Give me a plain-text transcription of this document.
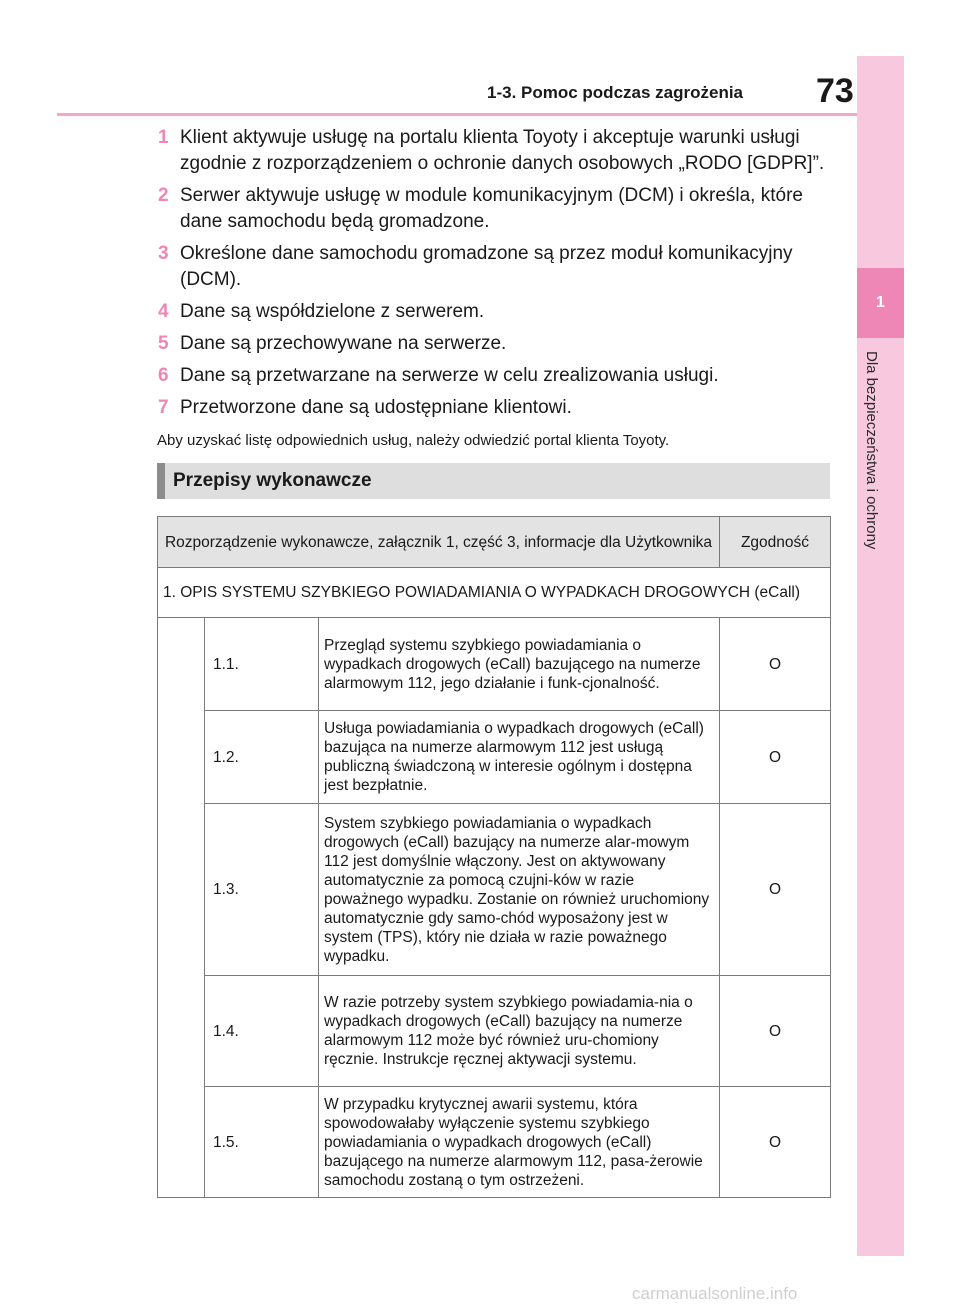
1
Dla bezpieczeństwa i ochrony
1-3. Pomoc podczas zagrożenia 73
1 Klient aktywuje usługę na portalu klienta Toyoty i akceptuje warunki usługi zgodnie z rozporządzeniem o ochronie danych osobowych „RODO [GDPR]”.
2 Serwer aktywuje usługę w module komunikacyjnym (DCM) i określa, które dane samochodu będą gromadzone.
3 Określone dane samochodu gromadzone są przez moduł komunikacyjny (DCM).
4 Dane są współdzielone z serwerem.
5 Dane są przechowywane na serwerze.
6 Dane są przetwarzane na serwerze w celu zrealizowania usługi.
7 Przetworzone dane są udostępniane klientowi.
Aby uzyskać listę odpowiednich usług, należy odwiedzić portal klienta Toyoty.
Przepisy wykonawcze
Rozporządzenie wykonawcze, załącznik 1, część 3, informacje dla Użytkownika			Zgodność
1. OPIS SYSTEMU SZYBKIEGO POWIADAMIANIA O WYPADKACH DROGOWYCH (eCall)			
	1.1.	Przegląd systemu szybkiego powiadamiania o wypadkach drogowych (eCall) bazującego na numerze alarmowym 112, jego działanie i funk-cjonalność.	O
	1.2.	Usługa powiadamiania o wypadkach drogowych (eCall) bazująca na numerze alarmowym 112 jest usługą publiczną świadczoną w interesie ogólnym i dostępna jest bezpłatnie.	O
	1.3.	System szybkiego powiadamiania o wypadkach drogowych (eCall) bazujący na numerze alar-mowym 112 jest domyślnie włączony. Jest on aktywowany automatycznie za pomocą czujni-ków w razie poważnego wypadku. Zostanie on również uruchomiony automatycznie gdy samo-chód wyposażony jest w system (TPS), który nie działa w razie poważnego wypadku.	O
	1.4.	W razie potrzeby system szybkiego powiadamia-nia o wypadkach drogowych (eCall) bazujący na numerze alarmowym 112 może być również uru-chomiony ręcznie. Instrukcje ręcznej aktywacji systemu.	O
	1.5.	W przypadku krytycznej awarii systemu, która spowodowałaby wyłączenie systemu szybkiego powiadamiania o wypadkach drogowych (eCall) bazującego na numerze alarmowym 112, pasa-żerowie samochodu zostaną o tym ostrzeżeni.	O
carmanualsonline.info
